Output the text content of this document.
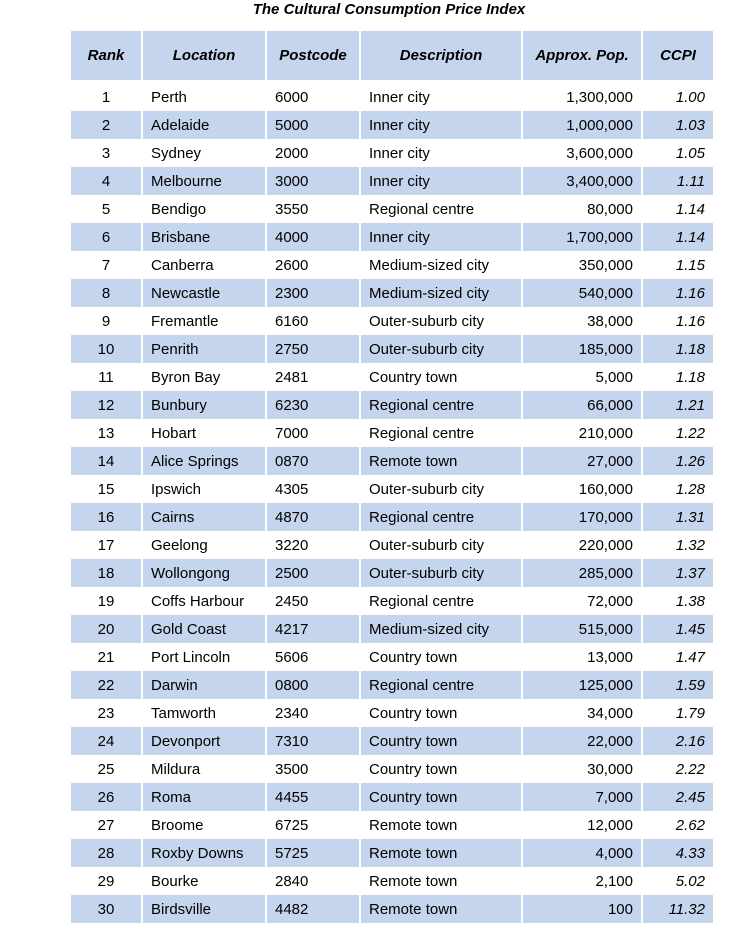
The Cultural Consumption Price Index
Rank	Location	Postcode	Description	Approx. Pop.	CCPI

1	Perth	6000	Inner city	1,300,000	1.00
2	Adelaide	5000	Inner city	1,000,000	1.03
3	Sydney	2000	Inner city	3,600,000	1.05
4	Melbourne	3000	Inner city	3,400,000	1.11
5	Bendigo	3550	Regional centre	80,000	1.14
6	Brisbane	4000	Inner city	1,700,000	1.14
7	Canberra	2600	Medium-sized city	350,000	1.15
8	Newcastle	2300	Medium-sized city	540,000	1.16
9	Fremantle	6160	Outer-suburb city	38,000	1.16
10	Penrith	2750	Outer-suburb city	185,000	1.18
11	Byron Bay	2481	Country town	5,000	1.18
12	Bunbury	6230	Regional centre	66,000	1.21
13	Hobart	7000	Regional centre	210,000	1.22
14	Alice Springs	0870	Remote town	27,000	1.26
15	Ipswich	4305	Outer-suburb city	160,000	1.28
16	Cairns	4870	Regional centre	170,000	1.31
17	Geelong	3220	Outer-suburb city	220,000	1.32
18	Wollongong	2500	Outer-suburb city	285,000	1.37
19	Coffs Harbour	2450	Regional centre	72,000	1.38
20	Gold Coast	4217	Medium-sized city	515,000	1.45
21	Port Lincoln	5606	Country town	13,000	1.47
22	Darwin	0800	Regional centre	125,000	1.59
23	Tamworth	2340	Country town	34,000	1.79
24	Devonport	7310	Country town	22,000	2.16
25	Mildura	3500	Country town	30,000	2.22
26	Roma	4455	Country town	7,000	2.45
27	Broome	6725	Remote town	12,000	2.62
28	Roxby Downs	5725	Remote town	4,000	4.33
29	Bourke	2840	Remote town	2,100	5.02
30	Birdsville	4482	Remote town	100	11.32
